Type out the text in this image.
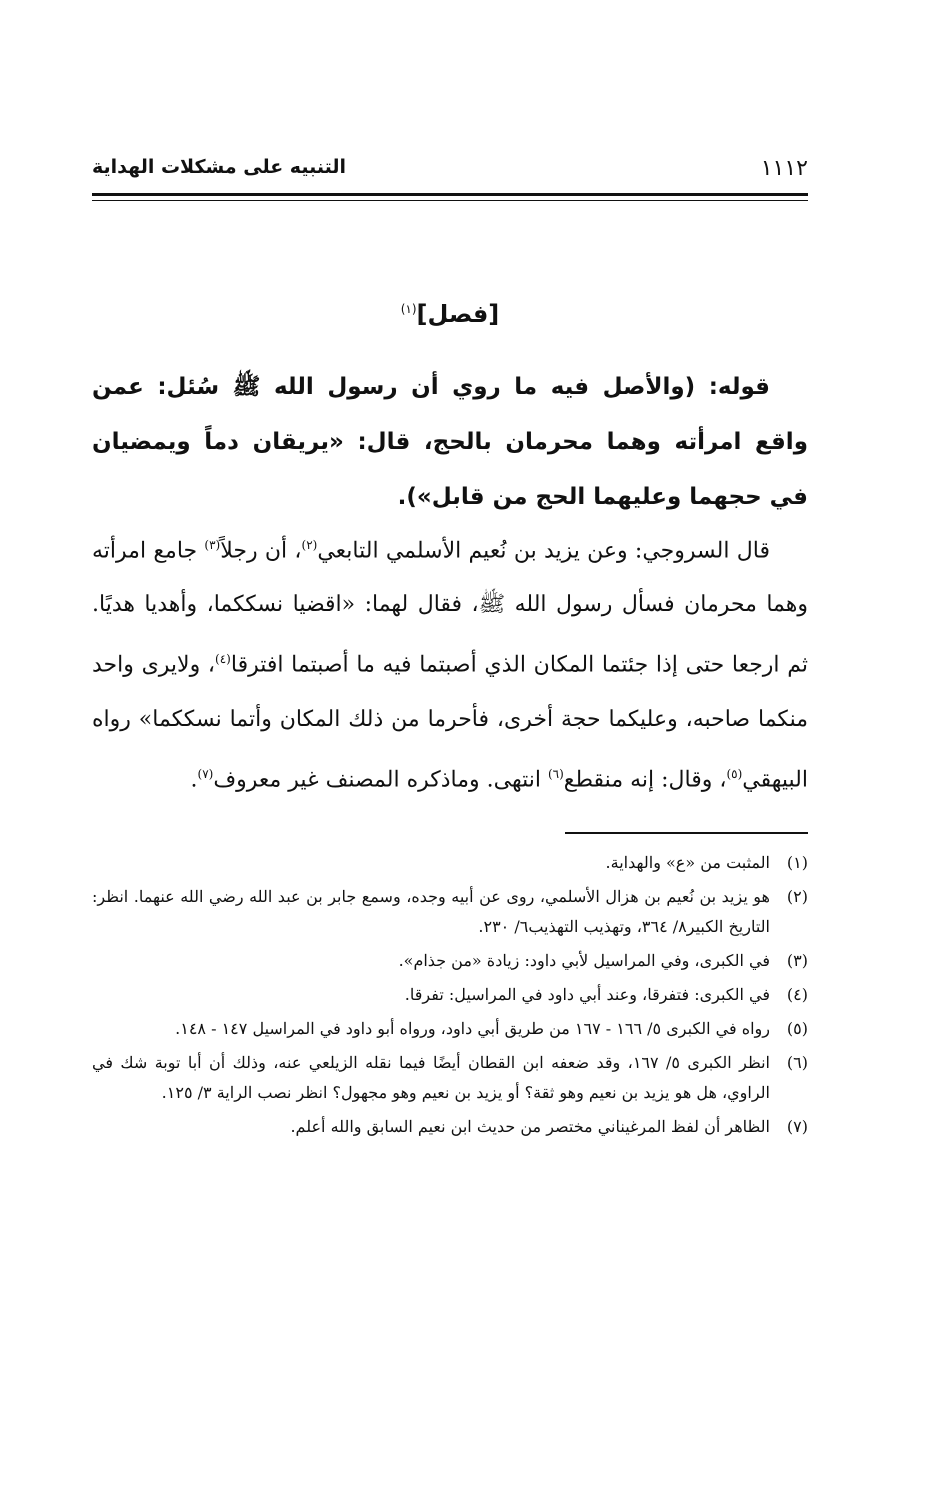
١١١٢
التنبيه على مشكلات الهداية
[فصل]$^{(١)}$

قوله: (والأصل فيه ما روي أن رسول الله ﷺ سُئل: عمن واقع امرأته وهما محرمان بالحج، قال: «يريقان دماً ويمضيان في حجهما وعليهما الحج من قابل»).

قال السروجي: وعن يزيد بن نُعيم الأسلمي التابعي$^{(٢)}$، أن رجلاً$^{(٣)}$ جامع امرأته وهما محرمان فسأل رسول الله ﷺ، فقال لهما: «اقضيا نسككما، وأهديا هديًا. ثم ارجعا حتى إذا جئتما المكان الذي أصبتما فيه ما أصبتما افترقا$^{(٤)}$، ولايرى واحد منكما صاحبه، وعليكما حجة أخرى، فأحرما من ذلك المكان وأتما نسككما» رواه البيهقي$^{(٥)}$، وقال: إنه منقطع$^{(٦)}$ انتهى. وماذكره المصنف غير معروف$^{(٧)}$.

(١)
المثبت من «ع» والهداية.
(٢)
هو يزيد بن نُعيم بن هزال الأسلمي، روى عن أبيه وجده، وسمع جابر بن عبد الله رضي الله عنهما. انظر: التاريخ الكبير٨/ ٣٦٤، وتهذيب التهذيب٦/ ٢٣٠.
(٣)
في الكبرى، وفي المراسيل لأبي داود: زيادة «من جذام».
(٤)
في الكبرى: فتفرقا، وعند أبي داود في المراسيل: تفرقا.
(٥)
رواه في الكبرى ٥/ ١٦٦ - ١٦٧ من طريق أبي داود، ورواه أبو داود في المراسيل ١٤٧ - ١٤٨.
(٦)
انظر الكبرى ٥/ ١٦٧، وقد ضعفه ابن القطان أيضًا فيما نقله الزيلعي عنه، وذلك أن أبا توبة شك في الراوي، هل هو يزيد بن نعيم وهو ثقة؟ أو يزيد بن نعيم وهو مجهول؟ انظر نصب الراية ٣/ ١٢٥.
(٧)
الظاهر أن لفظ المرغيناني مختصر من حديث ابن نعيم السابق والله أعلم.
